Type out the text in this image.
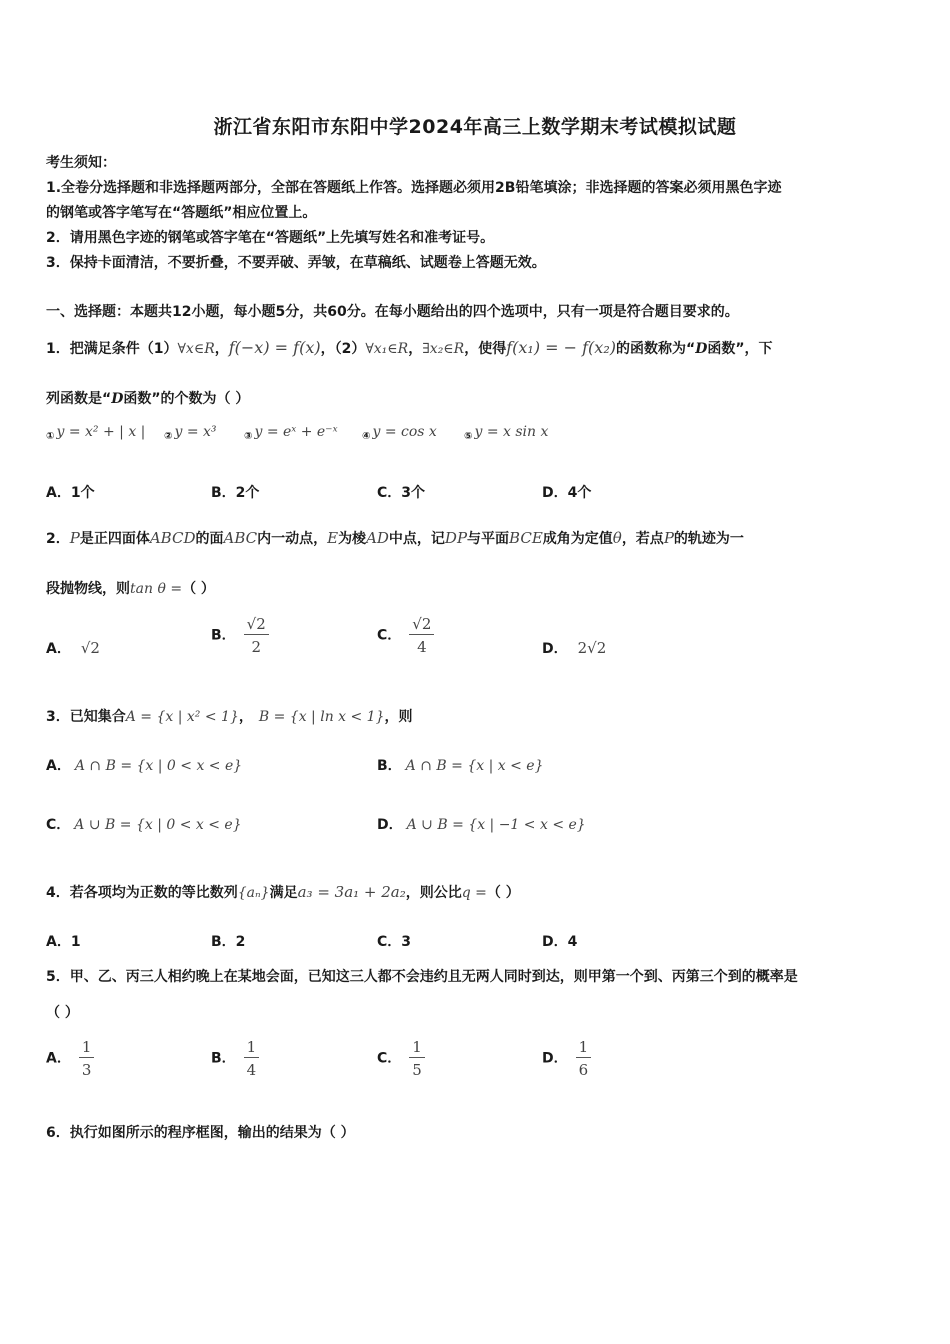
浙江省东阳市东阳中学2024年高三上数学期末考试模拟试题
考生须知：
1.全卷分选择题和非选择题两部分，全部在答题纸上作答。选择题必须用2B铅笔填涂；非选择题的答案必须用黑色字迹
的钢笔或答字笔写在“答题纸”相应位置上。
2．请用黑色字迹的钢笔或答字笔在“答题纸”上先填写姓名和准考证号。
3．保持卡面清洁，不要折叠，不要弄破、弄皱，在草稿纸、试题卷上答题无效。
一、选择题：本题共12小题，每小题5分，共60分。在每小题给出的四个选项中，只有一项是符合题目要求的。
1．把满足条件（1）∀x∈R，f(−x) = f(x)，（2）∀x₁∈R，∃x₂∈R，使得f(x₁) = − f(x₂)的函数称为“D函数”，下
列函数是“D函数”的个数为（ ）
$_①$ y = x² + | x | $_②$ y = x³	$_③$ y = eˣ + e⁻ˣ $_④$ y = cos x	$_⑤$ y = x sin x
A．1个	B．2个	C．3个	D．4个
2．P是正四面体ABCD的面ABC内一动点，E为棱AD中点，记DP与平面BCE成角为定值θ，若点P的轨迹为一
段抛物线，则tan θ =（ ）
A． √2
B． $\frac{√2}{2}$	C． $\frac{√2}{4}$	D． 2√2
3．已知集合A = {x | x² < 1}， B = {x | ln x < 1}，则
A． A ∩ B = {x | 0 < x < e}	B． A ∩ B = {x | x < e}
C． A ∪ B = {x | 0 < x < e}	D． A ∪ B = {x | −1 < x < e}
4．若各项均为正数的等比数列{aₙ}满足a₃ = 3a₁ + 2a₂，则公比q =（ ）
A．1	B．2	C．3	D．4
5．甲、乙、丙三人相约晚上在某地会面，已知这三人都不会违约且无两人同时到达，则甲第一个到、丙第三个到的概率是
（ ）
A． $\frac{1}{3}$	B． $\frac{1}{4}$	C． $\frac{1}{5}$	D． $\frac{1}{6}$
6．执行如图所示的程序框图，输出的结果为（ ）
